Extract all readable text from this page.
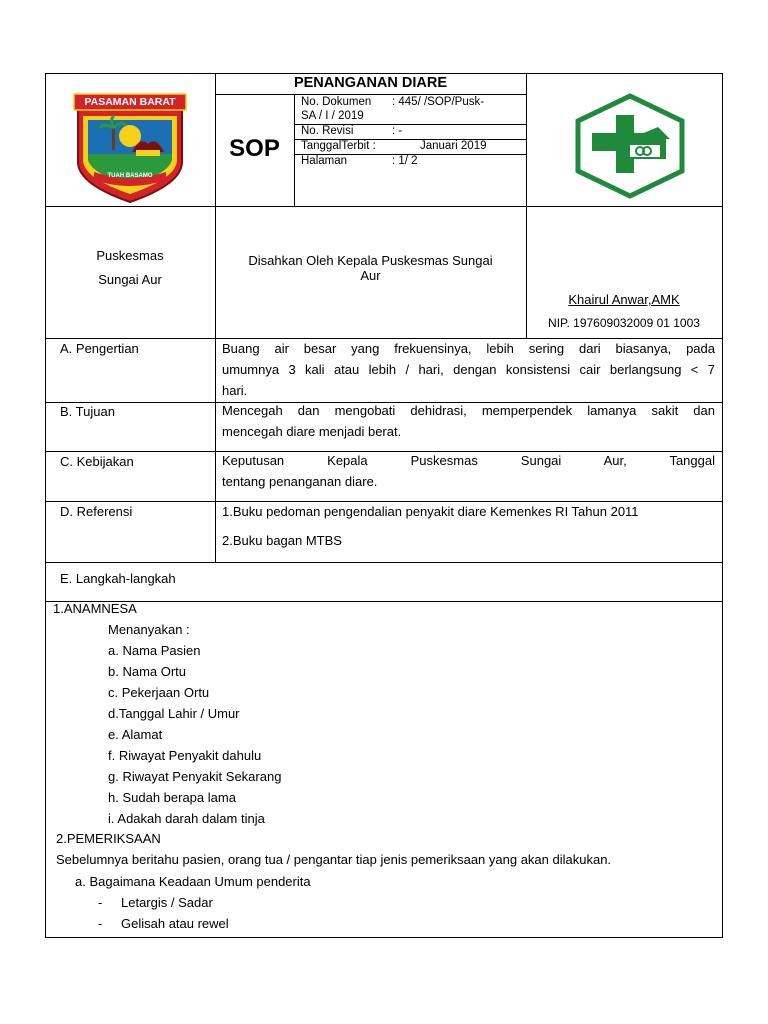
PASAMAN BARAT
TUAH BASAMO
PENANGANAN DIARE
SOP
No. Dokumen : 445/ /SOP/Pusk-
SA / I / 2019
No. Revisi	: -
TanggalTerbit :	Januari 2019
Halaman	: 1/ 2
Puskesmas
Sungai Aur
Disahkan Oleh Kepala Puskesmas Sungai
Aur
Khairul Anwar,AMK
NIP. 197609032009 01 1003
A. Pengertian	Buang air besar yang frekuensinya, lebih sering dari biasanya, pada
umumnya 3 kali atau lebih / hari, dengan konsistensi cair berlangsung < 7
hari.
B. Tujuan	Mencegah dan mengobati dehidrasi, memperpendek lamanya sakit dan
mencegah diare menjadi berat.
C. Kebijakan	Keputusan Kepala Puskesmas Sungai Aur, Tanggal
tentang penanganan diare.
D. Referensi	1.Buku pedoman pengendalian penyakit diare Kemenkes RI Tahun 2011
2.Buku bagan MTBS
E. Langkah-langkah
1.ANAMNESA
Menanyakan :
a. Nama Pasien
b. Nama Ortu
c. Pekerjaan Ortu
d.Tanggal Lahir / Umur
e. Alamat
f. Riwayat Penyakit dahulu
g. Riwayat Penyakit Sekarang
h. Sudah berapa lama
i. Adakah darah dalam tinja
2.PEMERIKSAAN
Sebelumnya beritahu pasien, orang tua / pengantar tiap jenis pemeriksaan yang akan dilakukan.
a. Bagaimana Keadaan Umum penderita
- Letargis / Sadar
- Gelisah atau rewel
